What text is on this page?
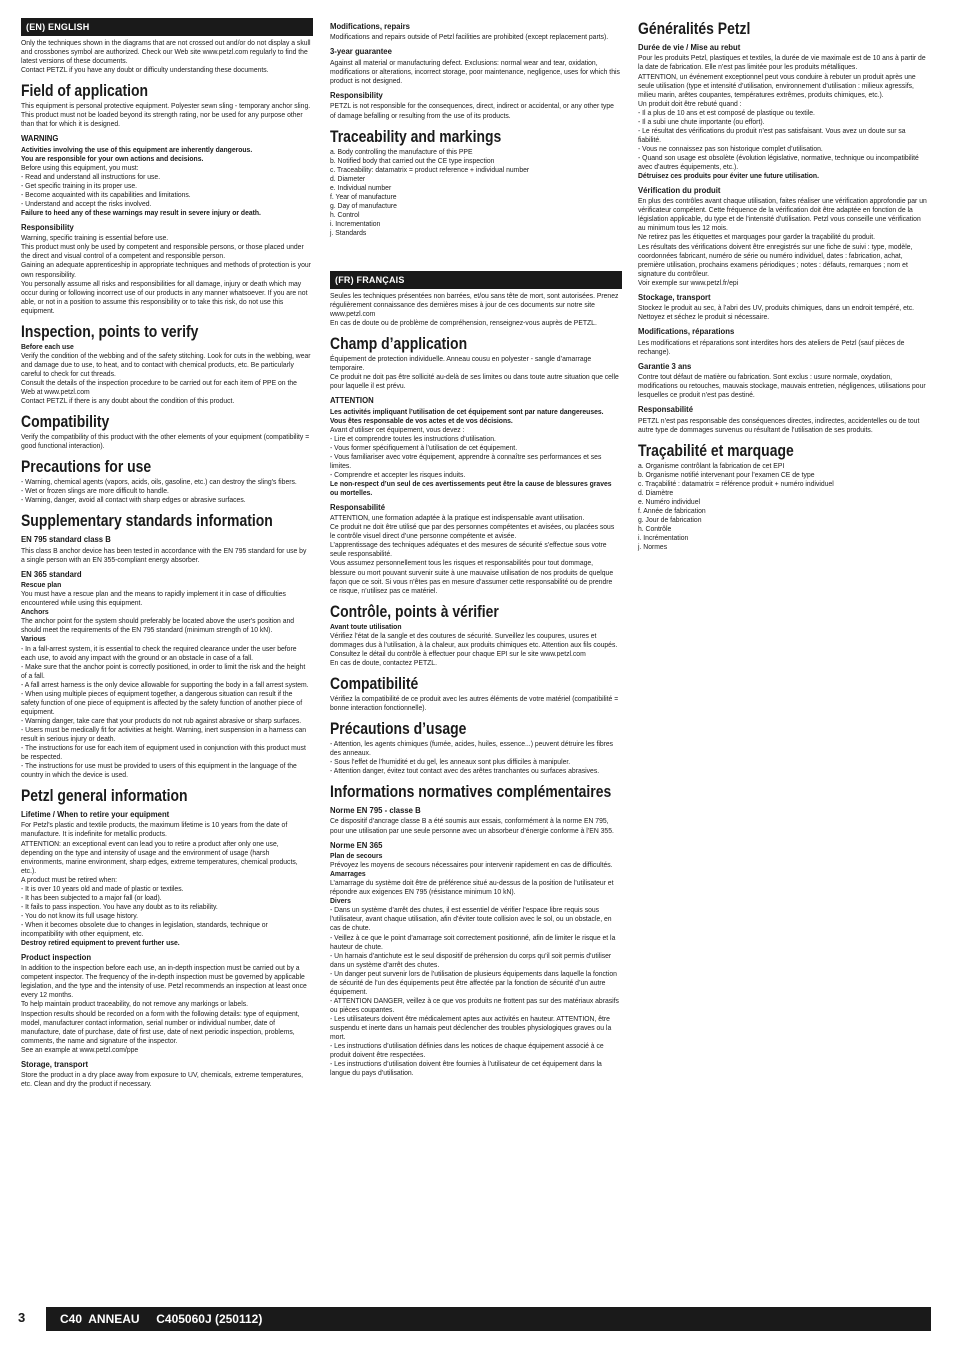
(EN) ENGLISH

Only the techniques shown in the diagrams that are not crossed out and/or do not display a skull and crossbones symbol are authorized. Check our Web site www.petzl.com regularly to find the latest versions of these documents.
Contact PETZL if you have any doubt or difficulty understanding these documents.

Field of application

This equipment is personal protective equipment. Polyester sewn sling - temporary anchor sling.

This product must not be loaded beyond its strength rating, nor be used for any purpose other than that for which it is designed.

WARNING

Activities involving the use of this equipment are inherently dangerous.
You are responsible for your own actions and decisions.

Before using this equipment, you must:
- Read and understand all instructions for use.
- Get specific training in its proper use.
- Become acquainted with its capabilities and limitations.
- Understand and accept the risks involved.

Failure to heed any of these warnings may result in severe injury or death.

Responsibility

Warning, specific training is essential before use.

This product must only be used by competent and responsible persons, or those placed under the direct and visual control of a competent and responsible person.
Gaining an adequate apprenticeship in appropriate techniques and methods of protection is your own responsibility.
You personally assume all risks and responsibilities for all damage, injury or death which may occur during or following incorrect use of our products in any manner whatsoever. If you are not able, or not in a position to assume this responsibility or to take this risk, do not use this equipment.

Inspection, points to verify
Before each use

Verify the condition of the webbing and of the safety stitching. Look for cuts in the webbing, wear and damage due to use, to heat, and to contact with chemical products, etc. Be particularly careful to check for cut threads.
Consult the details of the inspection procedure to be carried out for each item of PPE on the Web at www.petzl.com
Contact PETZL if there is any doubt about the condition of this product.

Compatibility

Verify the compatibility of this product with the other elements of your equipment (compatibility = good functional interaction).

Precautions for use

- Warning, chemical agents (vapors, acids, oils, gasoline, etc.) can destroy the sling's fibers.
- Wet or frozen slings are more difficult to handle.
- Warning, danger, avoid all contact with sharp edges or abrasive surfaces.

Supplementary standards information
EN 795 standard class B

This class B anchor device has been tested in accordance with the EN 795 standard for use by a single person with an EN 355-compliant energy absorber.

EN 365 standard
Rescue plan

You must have a rescue plan and the means to rapidly implement it in case of difficulties encountered while using this equipment.

Anchors

The anchor point for the system should preferably be located above the user's position and should meet the requirements of the EN 795 standard (minimum strength of 10 kN).

Various

- In a fall-arrest system, it is essential to check the required clearance under the user before each use, to avoid any impact with the ground or an obstacle in case of a fall.
- Make sure that the anchor point is correctly positioned, in order to limit the risk and the height of a fall.
- A fall arrest harness is the only device allowable for supporting the body in a fall arrest system.
- When using multiple pieces of equipment together, a dangerous situation can result if the safety function of one piece of equipment is affected by the safety function of another piece of equipment.
- Warning danger, take care that your products do not rub against abrasive or sharp surfaces.
- Users must be medically fit for activities at height. Warning, inert suspension in a harness can result in serious injury or death.
- The instructions for use for each item of equipment used in conjunction with this product must be respected.
- The instructions for use must be provided to users of this equipment in the language of the country in which the device is used.

Petzl general information
Lifetime / When to retire your equipment

For Petzl's plastic and textile products, the maximum lifetime is 10 years from the date of manufacture. It is indefinite for metallic products.
ATTENTION: an exceptional event can lead you to retire a product after only one use, depending on the type and intensity of usage and the environment of usage (harsh environments, marine environment, sharp edges, extreme temperatures, chemical products, etc.).
A product must be retired when:
- It is over 10 years old and made of plastic or textiles.
- It has been subjected to a major fall (or load).
- It fails to pass inspection. You have any doubt as to its reliability.
- You do not know its full usage history.
- When it becomes obsolete due to changes in legislation, standards, technique or incompatibility with other equipment, etc.

Destroy retired equipment to prevent further use.

Product inspection

In addition to the inspection before each use, an in-depth inspection must be carried out by a competent inspector. The frequency of the in-depth inspection must be governed by applicable legislation, and the type and the intensity of use. Petzl recommends an inspection at least once every 12 months.
To help maintain product traceability, do not remove any markings or labels.
Inspection results should be recorded on a form with the following details: type of equipment, model, manufacturer contact information, serial number or individual number, date of manufacture, date of purchase, date of first use, date of next periodic inspection, problems, comments, the name and signature of the inspector.
See an example at www.petzl.com/ppe

Storage, transport

Store the product in a dry place away from exposure to UV, chemicals, extreme temperatures, etc. Clean and dry the product if necessary.

Modifications, repairs

Modifications and repairs outside of Petzl facilities are prohibited (except replacement parts).

3-year guarantee

Against all material or manufacturing defect. Exclusions: normal wear and tear, oxidation, modifications or alterations, incorrect storage, poor maintenance, negligence, uses for which this product is not designed.

Responsibility

PETZL is not responsible for the consequences, direct, indirect or accidental, or any other type of damage befalling or resulting from the use of its products.

Traceability and markings

a. Body controlling the manufacture of this PPE
b. Notified body that carried out the CE type inspection
c. Traceability: datamatrix = product reference + individual number
d. Diameter
e. Individual number
f. Year of manufacture
g. Day of manufacture
h. Control
i. Incrementation
j. Standards

(FR) FRANÇAIS

Seules les techniques présentées non barrées, et/ou sans tête de mort, sont autorisées. Prenez régulièrement connaissance des dernières mises à jour de ces documents sur notre site www.petzl.com
En cas de doute ou de problème de compréhension, renseignez-vous auprès de PETZL.

Champ d’application

Équipement de protection individuelle. Anneau cousu en polyester - sangle d’amarrage temporaire.

Ce produit ne doit pas être sollicité au-delà de ses limites ou dans toute autre situation que celle pour laquelle il est prévu.

ATTENTION

Les activités impliquant l’utilisation de cet équipement sont par nature dangereuses.
Vous êtes responsable de vos actes et de vos décisions.

Avant d’utiliser cet équipement, vous devez :
- Lire et comprendre toutes les instructions d’utilisation.
- Vous former spécifiquement à l’utilisation de cet équipement.
- Vous familiariser avec votre équipement, apprendre à connaître ses performances et ses limites.
- Comprendre et accepter les risques induits.

Le non-respect d’un seul de ces avertissements peut être la cause de blessures graves ou mortelles.

Responsabilité

ATTENTION, une formation adaptée à la pratique est indispensable avant utilisation.
Ce produit ne doit être utilisé que par des personnes compétentes et avisées, ou placées sous le contrôle visuel direct d’une personne compétente et avisée.
L’apprentissage des techniques adéquates et des mesures de sécurité s’effectue sous votre seule responsabilité.
Vous assumez personnellement tous les risques et responsabilités pour tout dommage, blessure ou mort pouvant survenir suite à une mauvaise utilisation de nos produits de quelque façon que ce soit. Si vous n’êtes pas en mesure d’assumer cette responsabilité ou de prendre ce risque, n’utilisez pas ce matériel.

Contrôle, points à vérifier
Avant toute utilisation

Vérifiez l’état de la sangle et des coutures de sécurité. Surveillez les coupures, usures et dommages dus à l’utilisation, à la chaleur, aux produits chimiques etc. Attention aux fils coupés.
Consultez le détail du contrôle à effectuer pour chaque EPI sur le site www.petzl.com
En cas de doute, contactez PETZL.

Compatibilité

Vérifiez la compatibilité de ce produit avec les autres éléments de votre matériel (compatibilité = bonne interaction fonctionnelle).

Précautions d’usage

- Attention, les agents chimiques (fumée, acides, huiles, essence...) peuvent détruire les fibres des anneaux.
- Sous l’effet de l’humidité et du gel, les anneaux sont plus difficiles à manipuler.
- Attention danger, évitez tout contact avec des arêtes tranchantes ou surfaces abrasives.

Informations normatives complémentaires
Norme EN 795 - classe B

Ce dispositif d’ancrage classe B a été soumis aux essais, conformément à la norme EN 795, pour une utilisation par une seule personne avec un absorbeur d’énergie conforme à l’EN 355.

Norme EN 365
Plan de secours

Prévoyez les moyens de secours nécessaires pour intervenir rapidement en cas de difficultés.

Amarrages

L’amarrage du système doit être de préférence situé au-dessus de la position de l’utilisateur et répondre aux exigences EN 795 (résistance minimum 10 kN).

Divers

- Dans un système d’arrêt des chutes, il est essentiel de vérifier l’espace libre requis sous l’utilisateur, avant chaque utilisation, afin d’éviter toute collision avec le sol, ou un obstacle, en cas de chute.
- Veillez à ce que le point d’amarrage soit correctement positionné, afin de limiter le risque et la hauteur de chute.
- Un harnais d’antichute est le seul dispositif de préhension du corps qu’il soit permis d’utiliser dans un système d’arrêt des chutes.
- Un danger peut survenir lors de l’utilisation de plusieurs équipements dans laquelle la fonction de sécurité de l’un des équipements peut être affectée par la fonction de sécurité d’un autre équipement.
- ATTENTION DANGER, veillez à ce que vos produits ne frottent pas sur des matériaux abrasifs ou pièces coupantes.
- Les utilisateurs doivent être médicalement aptes aux activités en hauteur. ATTENTION, être suspendu et inerte dans un harnais peut déclencher des troubles physiologiques graves ou la mort.
- Les instructions d’utilisation définies dans les notices de chaque équipement associé à ce produit doivent être respectées.
- Les instructions d’utilisation doivent être fournies à l’utilisateur de cet équipement dans la langue du pays d’utilisation.

Généralités Petzl
Durée de vie / Mise au rebut

Pour les produits Petzl, plastiques et textiles, la durée de vie maximale est de 10 ans à partir de la date de fabrication. Elle n’est pas limitée pour les produits métalliques.
ATTENTION, un événement exceptionnel peut vous conduire à rebuter un produit après une seule utilisation (type et intensité d’utilisation, environnement d’utilisation : milieux agressifs, milieu marin, arêtes coupantes, températures extrêmes, produits chimiques, etc.).
Un produit doit être rebuté quand :
- Il a plus de 10 ans et est composé de plastique ou textile.
- Il a subi une chute importante (ou effort).
- Le résultat des vérifications du produit n’est pas satisfaisant. Vous avez un doute sur sa fiabilité.
- Vous ne connaissez pas son historique complet d’utilisation.
- Quand son usage est obsolète (évolution législative, normative, technique ou incompatibilité avec d’autres équipements, etc.).

Détruisez ces produits pour éviter une future utilisation.

Vérification du produit

En plus des contrôles avant chaque utilisation, faites réaliser une vérification approfondie par un vérificateur compétent. Cette fréquence de la vérification doit être adaptée en fonction de la législation applicable, du type et de l’intensité d’utilisation. Petzl vous conseille une vérification au minimum tous les 12 mois.
Ne retirez pas les étiquettes et marquages pour garder la traçabilité du produit.
Les résultats des vérifications doivent être enregistrés sur une fiche de suivi : type, modèle, coordonnées fabricant, numéro de série ou numéro individuel, dates : fabrication, achat, première utilisation, prochains examens périodiques ; notes : défauts, remarques ; nom et signature du contrôleur.
Voir exemple sur www.petzl.fr/epi

Stockage, transport

Stockez le produit au sec, à l’abri des UV, produits chimiques, dans un endroit tempéré, etc. Nettoyez et séchez le produit si nécessaire.

Modifications, réparations

Les modifications et réparations sont interdites hors des ateliers de Petzl (sauf pièces de rechange).

Garantie 3 ans

Contre tout défaut de matière ou fabrication. Sont exclus : usure normale, oxydation, modifications ou retouches, mauvais stockage, mauvais entretien, négligences, utilisations pour lesquelles ce produit n’est pas destiné.

Responsabilité

PETZL n’est pas responsable des conséquences directes, indirectes, accidentelles ou de tout autre type de dommages survenus ou résultant de l’utilisation de ses produits.

Traçabilité et marquage

a. Organisme contrôlant la fabrication de cet EPI
b. Organisme notifié intervenant pour l’examen CE de type
c. Traçabilité : datamatrix = référence produit + numéro individuel
d. Diamètre
e. Numéro individuel
f. Année de fabrication
g. Jour de fabrication
h. Contrôle
i. Incrémentation
j. Normes

3	C40  ANNEAU     C405060J (250112)
